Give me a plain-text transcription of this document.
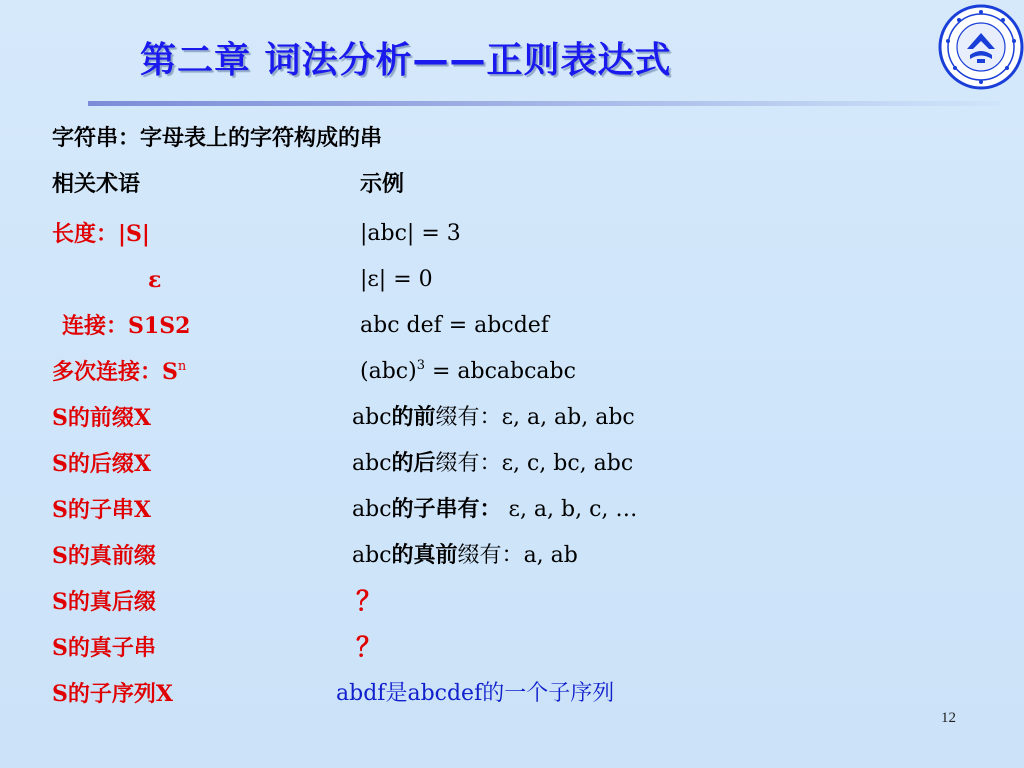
第二章 词法分析——正则表达式
字符串：字母表上的字符构成的串
相关术语	示例
长度：|S|	|abc| = 3
ε	|ε| = 0
连接：S1S2	abc def = abcdef
多次连接：$S^n$	(abc)$^3$ = abcabcabc
S的前缀X	abc的前缀有：ε, a, ab, abc
S的后缀X	abc的后缀有：ε, c, bc, abc
S的子串X	abc的子串有： ε, a, b, c, …
S的真前缀	abc的真前缀有：a, ab
S的真后缀	？
S的真子串	？
S的子序列X	abdf是abcdef的一个子序列
12
